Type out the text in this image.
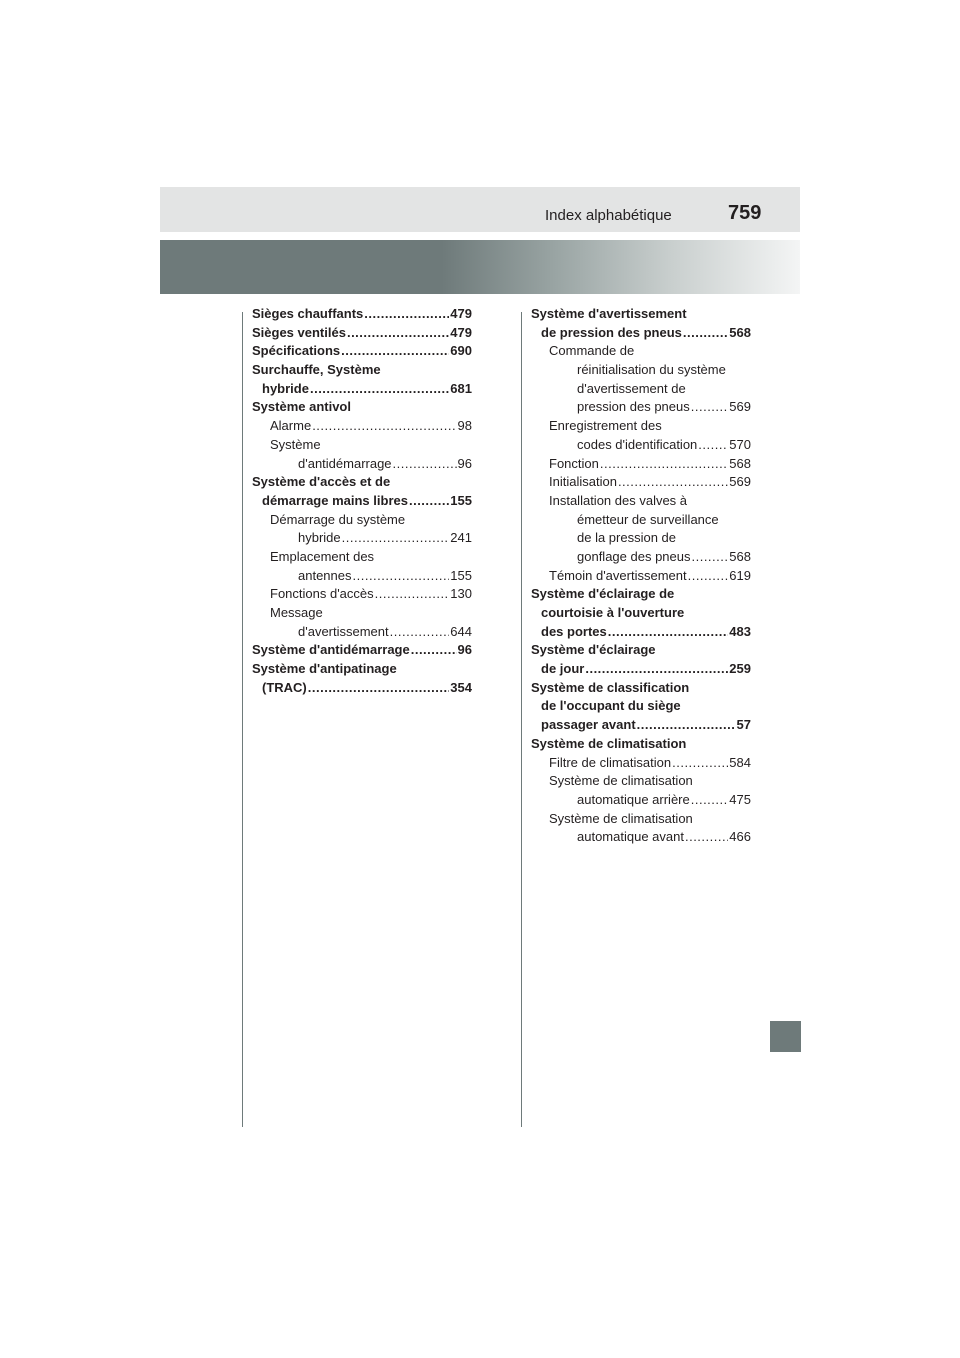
Index alphabétique	759
Sièges chauffants .....	479
Sièges ventilés .....	479
Spécifications .....	690
Surchauffe, Système
hybride .....	681
Système antivol
Alarme .....	98
Système
d'antidémarrage .....	96
Système d'accès et de
démarrage mains libres .....	155
Démarrage du système
hybride .....	241
Emplacement des
antennes .....	155
Fonctions d'accès .....	130
Message
d'avertissement .....	644
Système d'antidémarrage .....	96
Système d'antipatinage
(TRAC) .....	354
Système d'avertissement
de pression des pneus .....	568
Commande de
réinitialisation du système
d'avertissement de
pression des pneus .....	569
Enregistrement des
codes d'identification ..... 570
Fonction .....	568
Initialisation .....	569
Installation des valves à
émetteur de surveillance
de la pression de
gonflage des pneus .....	568
Témoin d'avertissement .....	619
Système d'éclairage de
courtoisie à l'ouverture
des portes .....	483
Système d'éclairage
de jour .....	259
Système de classification
de l'occupant du siège
passager avant .....	57
Système de climatisation
Filtre de climatisation .....	584
Système de climatisation
automatique arrière .....	475
Système de climatisation
automatique avant .....	466
